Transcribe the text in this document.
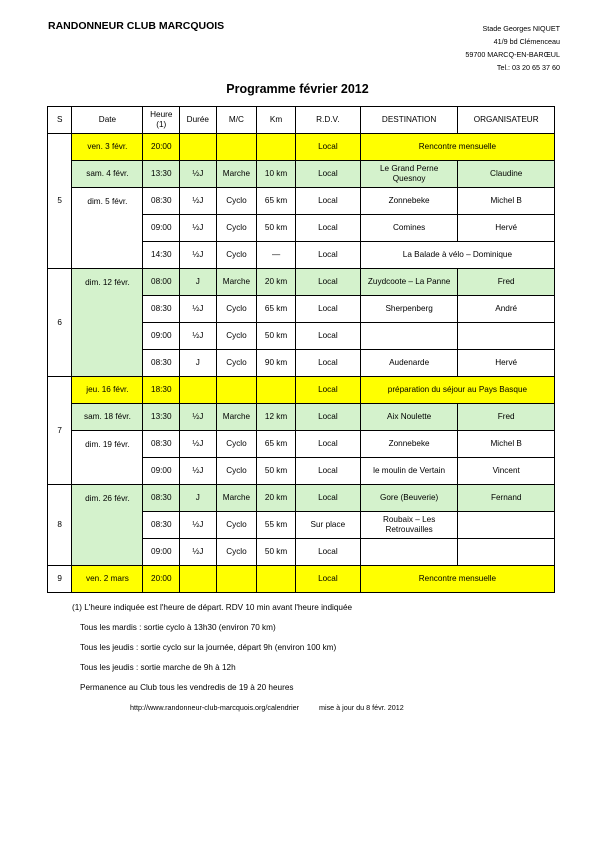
RANDONNEUR CLUB MARCQUOIS	Stade Georges NIQUET
41/9 bd Clémenceau
59700 MARCQ-EN-BARŒUL
Tel.: 03 20 65 37 60
Programme février 2012
S	Date	Heure (1)	Durée	M/C	Km	R.D.V.	DESTINATION	ORGANISATEUR
5	ven. 3 févr.	20:00				Local	Rencontre mensuelle	
	sam. 4 févr.	13:30	½J	Marche	10 km	Local	Le Grand Perne Quesnoy	Claudine
	dim. 5 févr.	08:30	½J	Cyclo	65 km	Local	Zonnebeke	Michel B
		09:00	½J	Cyclo	50 km	Local	Comines	Hervé
		14:30	½J	Cyclo	—	Local	La Balade à vélo – Dominique	
6	dim. 12 févr.	08:00	J	Marche	20 km	Local	Zuydcoote – La Panne	Fred
		08:30	½J	Cyclo	65 km	Local	Sherpenberg	André
		09:00	½J	Cyclo	50 km	Local		
		08:30	J	Cyclo	90 km	Local	Audenarde	Hervé
7	jeu. 16 févr.	18:30				Local	préparation du séjour au Pays Basque	
	sam. 18 févr.	13:30	½J	Marche	12 km	Local	Aix Noulette	Fred
	dim. 19 févr.	08:30	½J	Cyclo	65 km	Local	Zonnebeke	Michel B
		09:00	½J	Cyclo	50 km	Local	le moulin de Vertain	Vincent
8	dim. 26 févr.	08:30	J	Marche	20 km	Local	Gore (Beuverie)	Fernand
		08:30	½J	Cyclo	55 km	Sur place	Roubaix – Les Retrouvailles	
		09:00	½J	Cyclo	50 km	Local		
9	ven. 2 mars	20:00				Local	Rencontre mensuelle	
(1) L'heure indiquée est l'heure de départ. RDV 10 min avant l'heure indiquée
Tous les mardis : sortie cyclo à 13h30 (environ 70 km)
Tous les jeudis : sortie cyclo sur la journée, départ 9h (environ 100 km)
Tous les jeudis : sortie marche de 9h à 12h
Permanence au Club tous les vendredis de 19 à 20 heures
http://www.randonneur-club-marcquois.org/calendrier	mise à jour du 8 févr. 2012
